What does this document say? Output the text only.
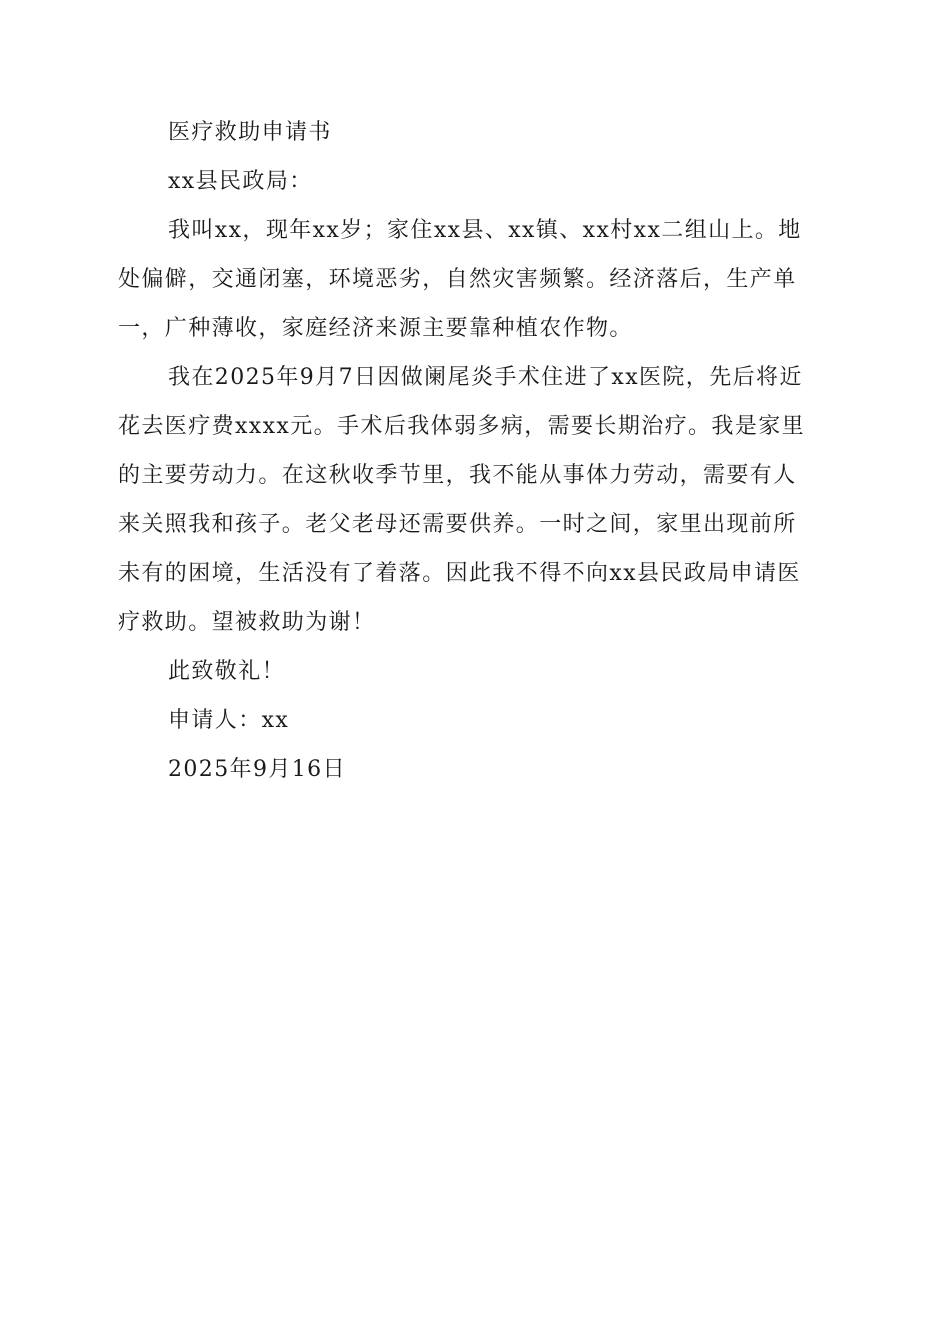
医疗救助申请书
xx县民政局：
我叫xx，现年xx岁；家住xx县、xx镇、xx村xx二组山上。地
处偏僻，交通闭塞，环境恶劣，自然灾害频繁。经济落后，生产单
一，广种薄收，家庭经济来源主要靠种植农作物。
我在2025年9月7日因做阑尾炎手术住进了xx医院，先后将近
花去医疗费xxxx元。手术后我体弱多病，需要长期治疗。我是家里
的主要劳动力。在这秋收季节里，我不能从事体力劳动，需要有人
来关照我和孩子。老父老母还需要供养。一时之间，家里出现前所
未有的困境，生活没有了着落。因此我不得不向xx县民政局申请医
疗救助。望被救助为谢！
此致敬礼！
申请人：xx
2025年9月16日
